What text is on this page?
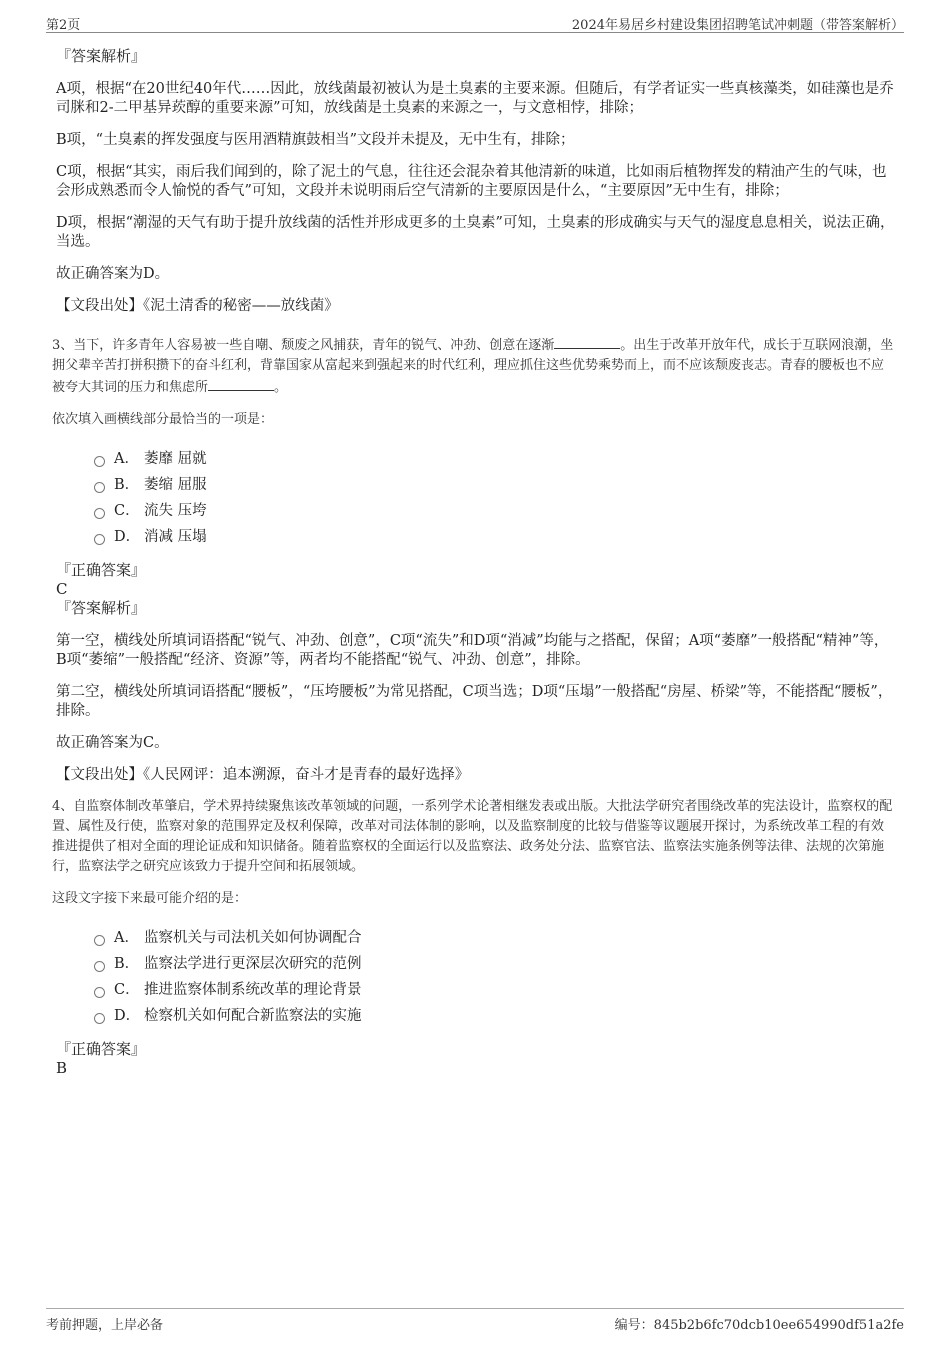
第2页	2024年易居乡村建设集团招聘笔试冲刺题（带答案解析）
『答案解析』
A项，根据“在20世纪40年代……因此，放线菌最初被认为是土臭素的主要来源。但随后，有学者证实一些真核藻类，如硅藻也是乔司脒和2-二甲基异莰醇的重要来源”可知，放线菌是土臭素的来源之一，与文意相悖，排除；
B项，“土臭素的挥发强度与医用酒精旗鼓相当”文段并未提及，无中生有，排除；
C项，根据“其实，雨后我们闻到的，除了泥土的气息，往往还会混杂着其他清新的味道，比如雨后植物挥发的精油产生的气味，也会形成熟悉而令人愉悦的香气”可知，文段并未说明雨后空气清新的主要原因是什么，“主要原因”无中生有，排除；
D项，根据“潮湿的天气有助于提升放线菌的活性并形成更多的土臭素”可知，土臭素的形成确实与天气的湿度息息相关，说法正确，当选。
故正确答案为D。
【文段出处】《泥土清香的秘密——放线菌》
3、当下，许多青年人容易被一些自嘲、颓废之风捕获，青年的锐气、冲劲、创意在逐渐	。出生于改革开放年代，成长于互联网浪潮，坐拥父辈辛苦打拼积攒下的奋斗红利，背靠国家从富起来到强起来的时代红利，理应抓住这些优势乘势而上，而不应该颓废丧志。青春的腰板也不应被夸大其词的压力和焦虑所	。
依次填入画横线部分最恰当的一项是：
A． 萎靡 屈就
B． 萎缩 屈服
C． 流失 压垮
D． 消减 压塌
『正确答案』
C
『答案解析』
第一空，横线处所填词语搭配“锐气、冲劲、创意”，C项“流失”和D项“消减”均能与之搭配，保留；A项“萎靡”一般搭配“精神”等，B项“萎缩”一般搭配“经济、资源”等，两者均不能搭配“锐气、冲劲、创意”，排除。
第二空，横线处所填词语搭配“腰板”，“压垮腰板”为常见搭配，C项当选；D项“压塌”一般搭配“房屋、桥梁”等，不能搭配“腰板”，排除。
故正确答案为C。
【文段出处】《人民网评：追本溯源，奋斗才是青春的最好选择》
4、自监察体制改革肇启，学术界持续聚焦该改革领域的问题，一系列学术论著相继发表或出版。大批法学研究者围绕改革的宪法设计，监察权的配置、属性及行使，监察对象的范围界定及权利保障，改革对司法体制的影响，以及监察制度的比较与借鉴等议题展开探讨，为系统改革工程的有效推进提供了相对全面的理论证成和知识储备。随着监察权的全面运行以及监察法、政务处分法、监察官法、监察法实施条例等法律、法规的次第施行，监察法学之研究应该致力于提升空间和拓展领域。
这段文字接下来最可能介绍的是：
A． 监察机关与司法机关如何协调配合
B． 监察法学进行更深层次研究的范例
C． 推进监察体制系统改革的理论背景
D． 检察机关如何配合新监察法的实施
『正确答案』
B
考前押题，上岸必备	编号：845b2b6fc70dcb10ee654990df51a2fe
